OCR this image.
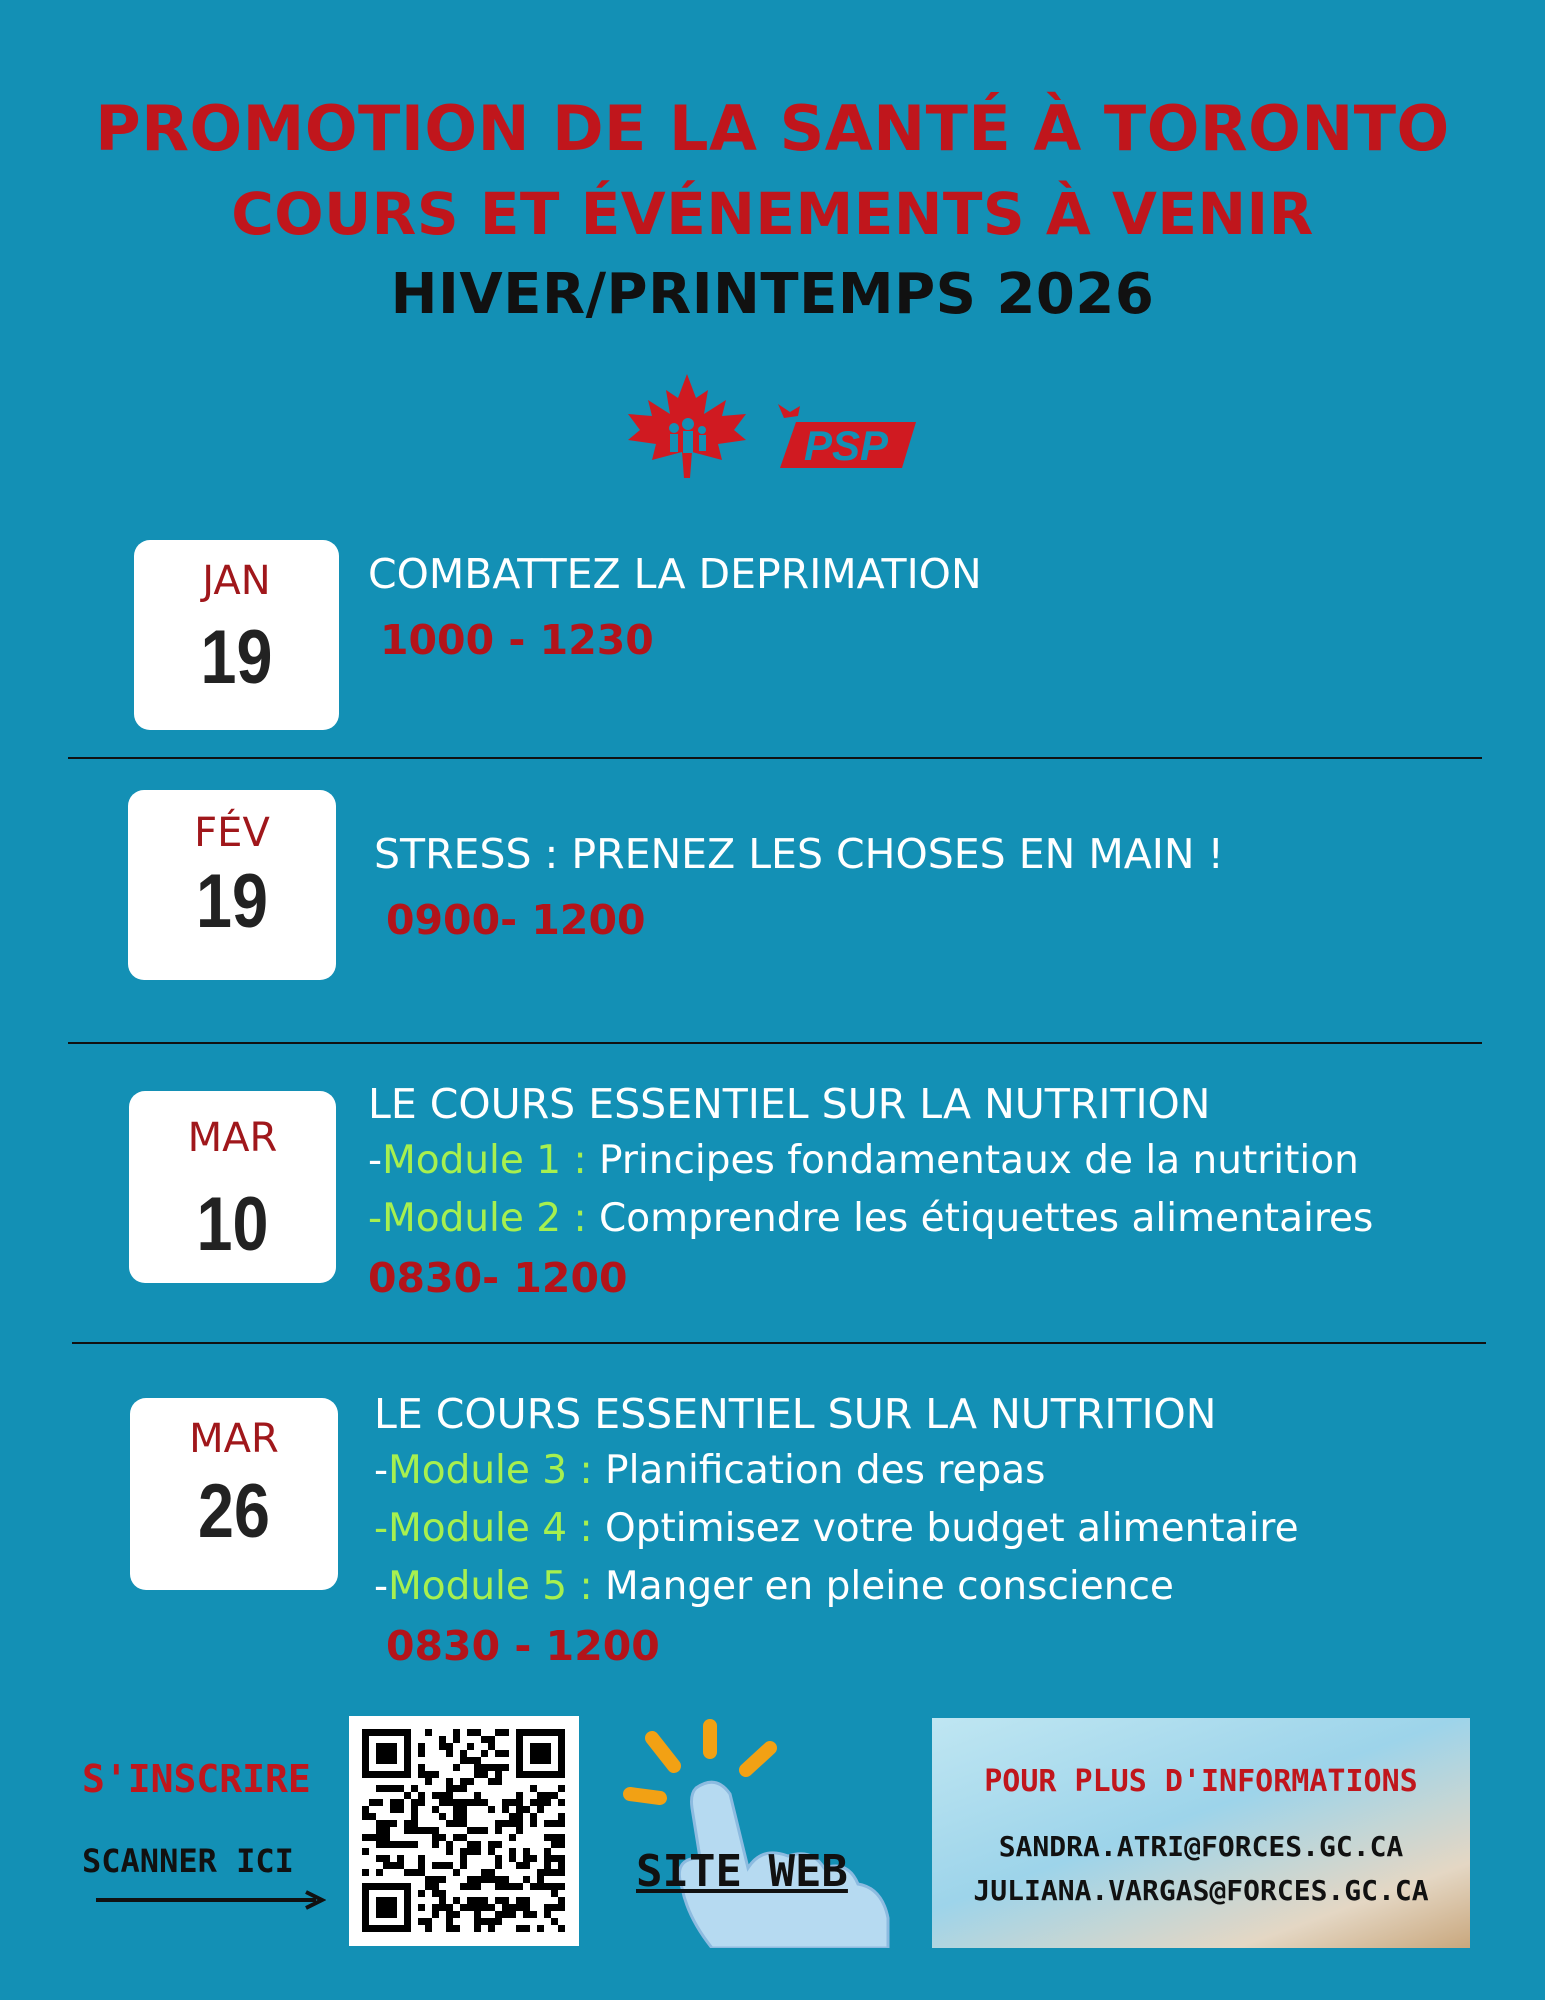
PROMOTION DE LA SANTÉ À TORONTO
COURS ET ÉVÉNEMENTS À VENIR
HIVER/PRINTEMPS 2026
PSP
JAN
19
COMBATTEZ LA DEPRIMATION
1000 - 1230
FÉV
19
STRESS : PRENEZ LES CHOSES EN MAIN !
0900- 1200
MAR
10
LE COURS ESSENTIEL SUR LA NUTRITION
-Module 1 : Principes fondamentaux de la nutrition
-Module 2 : Comprendre les étiquettes alimentaires
0830- 1200
MAR
26
LE COURS ESSENTIEL SUR LA NUTRITION
-Module 3 : Planification des repas
-Module 4 : Optimisez votre budget alimentaire
-Module 5 : Manger en pleine conscience
0830 - 1200
S'INSCRIRE
SCANNER ICI	SITE WEB
POUR PLUS D'INFORMATIONS
SANDRA.ATRI@FORCES.GC.CA
JULIANA.VARGAS@FORCES.GC.CA
